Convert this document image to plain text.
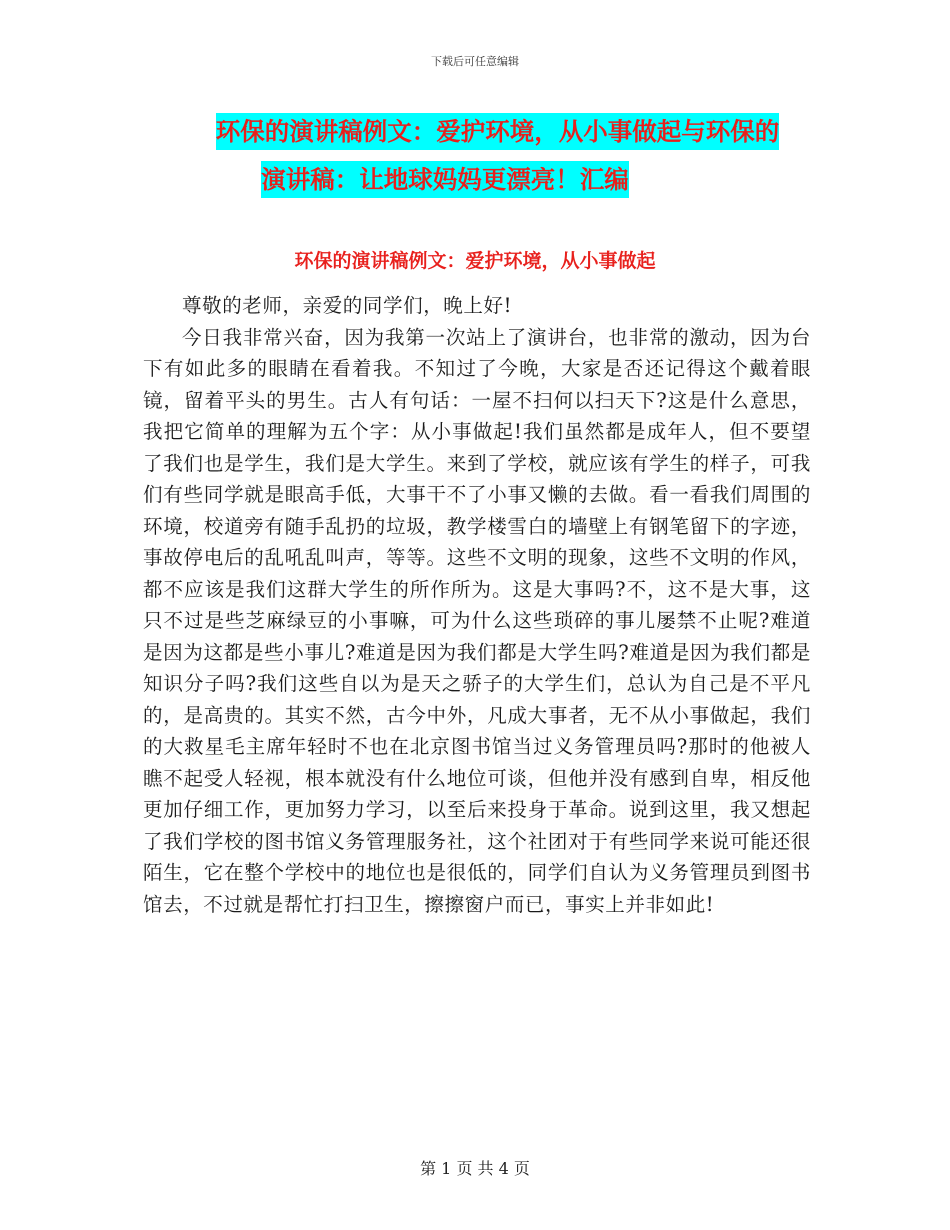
下载后可任意编辑
环保的演讲稿例文：爱护环境，从小事做起与环保的
演讲稿：让地球妈妈更漂亮！汇编
环保的演讲稿例文：爱护环境，从小事做起

尊敬的老师，亲爱的同学们，晚上好!

今日我非常兴奋，因为我第一次站上了演讲台，也非常的激动，因为台下有如此多的眼睛在看着我。不知过了今晚，大家是否还记得这个戴着眼镜，留着平头的男生。古人有句话：一屋不扫何以扫天下?这是什么意思，我把它简单的理解为五个字：从小事做起!我们虽然都是成年人，但不要望了我们也是学生，我们是大学生。来到了学校，就应该有学生的样子，可我们有些同学就是眼高手低，大事干不了小事又懒的去做。看一看我们周围的环境，校道旁有随手乱扔的垃圾，教学楼雪白的墙壁上有钢笔留下的字迹，事故停电后的乱吼乱叫声，等等。这些不文明的现象，这些不文明的作风，都不应该是我们这群大学生的所作所为。这是大事吗?不，这不是大事，这只不过是些芝麻绿豆的小事嘛，可为什么这些琐碎的事儿屡禁不止呢?难道是因为这都是些小事儿?难道是因为我们都是大学生吗?难道是因为我们都是知识分子吗?我们这些自以为是天之骄子的大学生们，总认为自己是不平凡的，是高贵的。其实不然，古今中外，凡成大事者，无不从小事做起，我们的大救星毛主席年轻时不也在北京图书馆当过义务管理员吗?那时的他被人瞧不起受人轻视，根本就没有什么地位可谈，但他并没有感到自卑，相反他更加仔细工作，更加努力学习，以至后来投身于革命。说到这里，我又想起了我们学校的图书馆义务管理服务社，这个社团对于有些同学来说可能还很陌生，它在整个学校中的地位也是很低的，同学们自认为义务管理员到图书馆去，不过就是帮忙打扫卫生，擦擦窗户而已，事实上并非如此!

第 1 页 共 4 页
